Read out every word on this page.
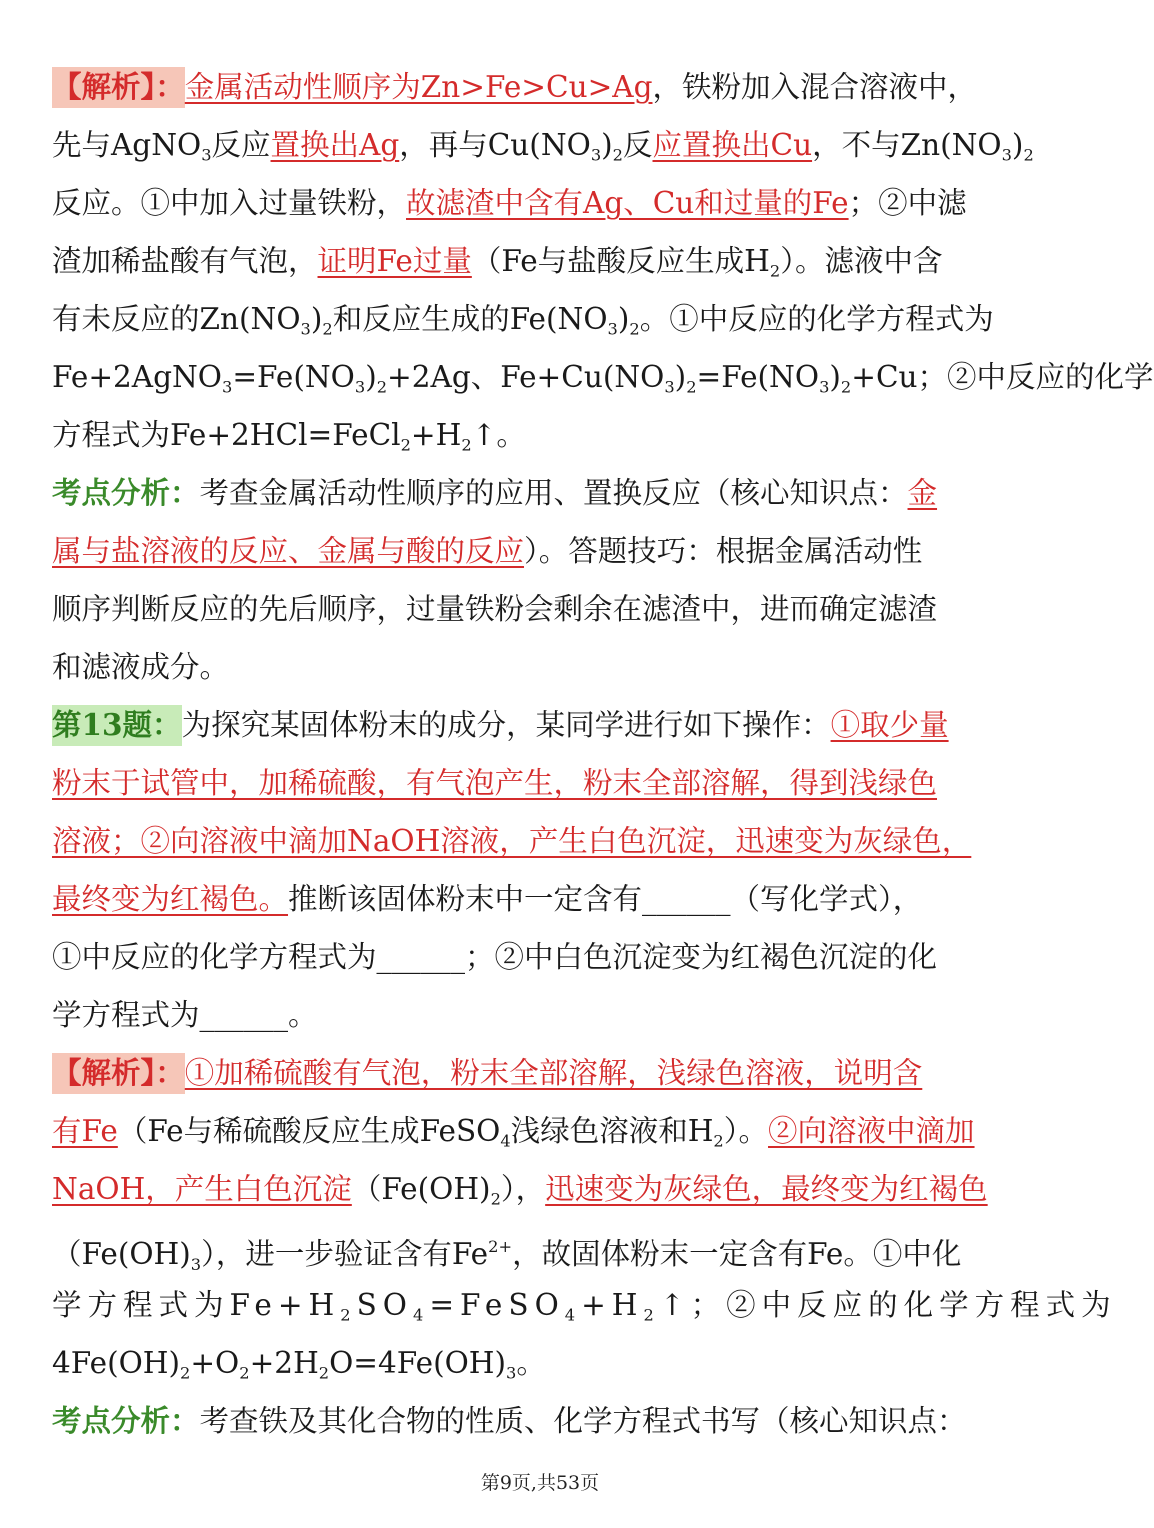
【解析】：金属活动性顺序为Zn>Fe>Cu>Ag，铁粉加入混合溶液中，
先与AgNO$_3$反应置换出Ag，再与$Cu(NO_3)_2$反应置换出Cu，不与$Zn(NO_3)_2$
反应。①中加入过量铁粉，故滤渣中含有Ag、Cu和过量的Fe；②中滤
渣加稀盐酸有气泡，证明Fe过量（Fe与盐酸反应生成$H_2$）。滤液中含
有未反应的$Zn(NO_3)_2$和反应生成的$Fe(NO_3)_2$。①中反应的化学方程式为
$Fe+2AgNO_3=Fe(NO_3)_2+2Ag$、$Fe+Cu(NO_3)_2=Fe(NO_3)_2+Cu$；②中反应的化学
方程式为$Fe+2HCl=FeCl_2+H_2↑$。
考点分析：考查金属活动性顺序的应用、置换反应（核心知识点：金
属与盐溶液的反应、金属与酸的反应）。答题技巧：根据金属活动性
顺序判断反应的先后顺序，过量铁粉会剩余在滤渣中，进而确定滤渣
和滤液成分。
第13题：为探究某固体粉末的成分，某同学进行如下操作：①取少量
粉末于试管中，加稀硫酸，有气泡产生，粉末全部溶解，得到浅绿色
溶液；②向溶液中滴加NaOH溶液，产生白色沉淀，迅速变为灰绿色，
最终变为红褐色。推断该固体粉末中一定含有______（写化学式），
①中反应的化学方程式为______；②中白色沉淀变为红褐色沉淀的化
学方程式为______。
【解析】：①加稀硫酸有气泡，粉末全部溶解，浅绿色溶液，说明含
有Fe（Fe与稀硫酸反应生成FeSO$_4$浅绿色溶液和$H_2$）。②向溶液中滴加
NaOH，产生白色沉淀$(Fe(OH)_2)$，迅速变为灰绿色，最终变为红褐色
$(Fe(OH)_3)$，进一步验证含有$Fe^{2+}$，故固体粉末一定含有Fe。①中化
学方程式为$Fe+H_2SO_4=FeSO_4+H_2↑$；②中反应的化学方程式为
$4Fe(OH)_2+O_2+2H_2O=4Fe(OH)_3$。
考点分析：考查铁及其化合物的性质、化学方程式书写（核心知识点：
第9页,共53页
